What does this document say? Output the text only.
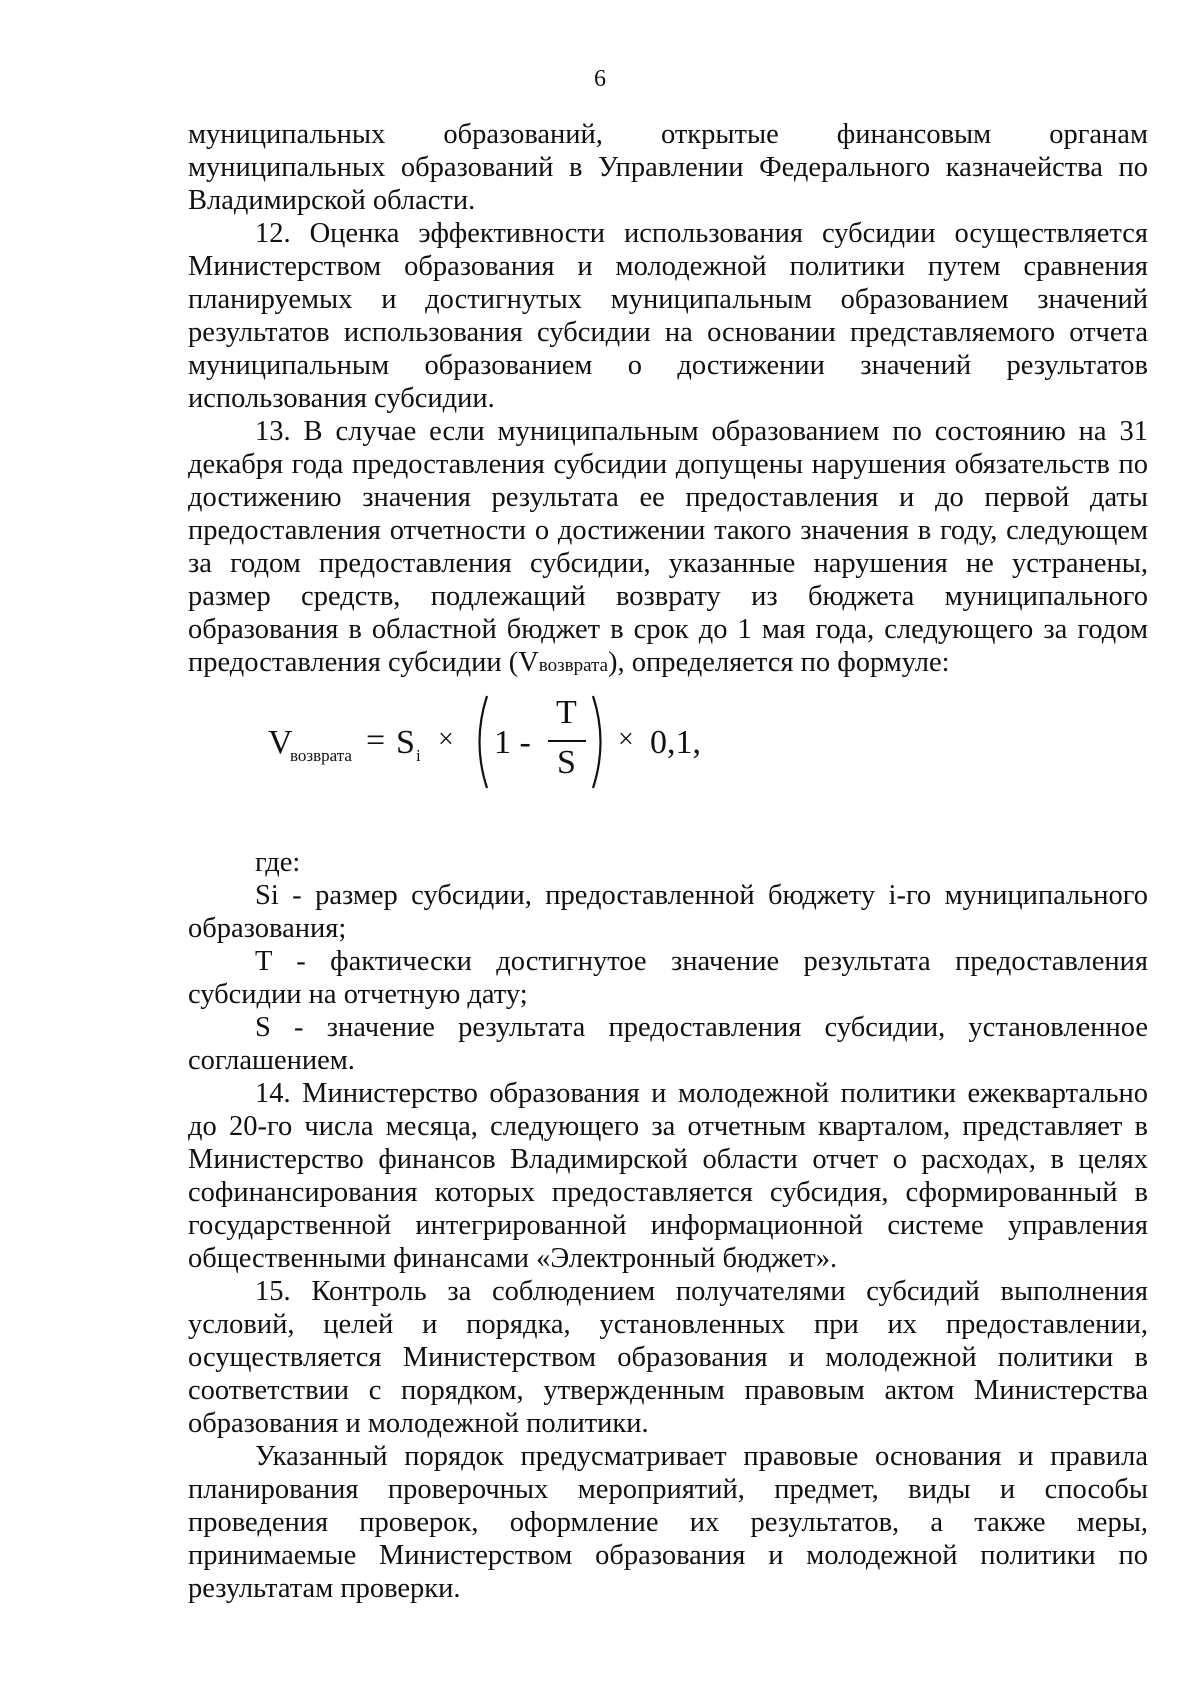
6

муниципальных образований, открытые финансовым органам муниципальных образований в Управлении Федерального казначейства по Владимирской области.

12. Оценка эффективности использования субсидии осуществляется Министерством образования и молодежной политики путем сравнения планируемых и достигнутых муниципальным образованием значений результатов использования субсидии на основании представляемого отчета муниципальным образованием о достижении значений результатов использования субсидии.

13. В случае если муниципальным образованием по состоянию на 31 декабря года предоставления субсидии допущены нарушения обязательств по достижению значения результата ее предоставления и до первой даты предоставления отчетности о достижении такого значения в году, следующем за годом предоставления субсидии, указанные нарушения не устранены, размер средств, подлежащий возврату из бюджета муниципального образования в областной бюджет в срок до 1 мая года, следующего за годом предоставления субсидии (Vвозврата), определяется по формуле:

V
возврата = S i
× 1 -
T
S
× 0,1,

где:

Si - размер субсидии, предоставленной бюджету i-го муниципального образования;

T - фактически достигнутое значение результата предоставления субсидии на отчетную дату;

S - значение результата предоставления субсидии, установленное соглашением.

14. Министерство образования и молодежной политики ежеквартально до 20-го числа месяца, следующего за отчетным кварталом, представляет в Министерство финансов Владимирской области отчет о расходах, в целях софинансирования которых предоставляется субсидия, сформированный в государственной интегрированной информационной системе управления общественными финансами «Электронный бюджет».

15. Контроль за соблюдением получателями субсидий выполнения условий, целей и порядка, установленных при их предоставлении, осуществляется Министерством образования и молодежной политики в соответствии с порядком, утвержденным правовым актом Министерства образования и молодежной политики.

Указанный порядок предусматривает правовые основания и правила планирования проверочных мероприятий, предмет, виды и способы проведения проверок, оформление их результатов, а также меры, принимаемые Министерством образования и молодежной политики по результатам проверки.
